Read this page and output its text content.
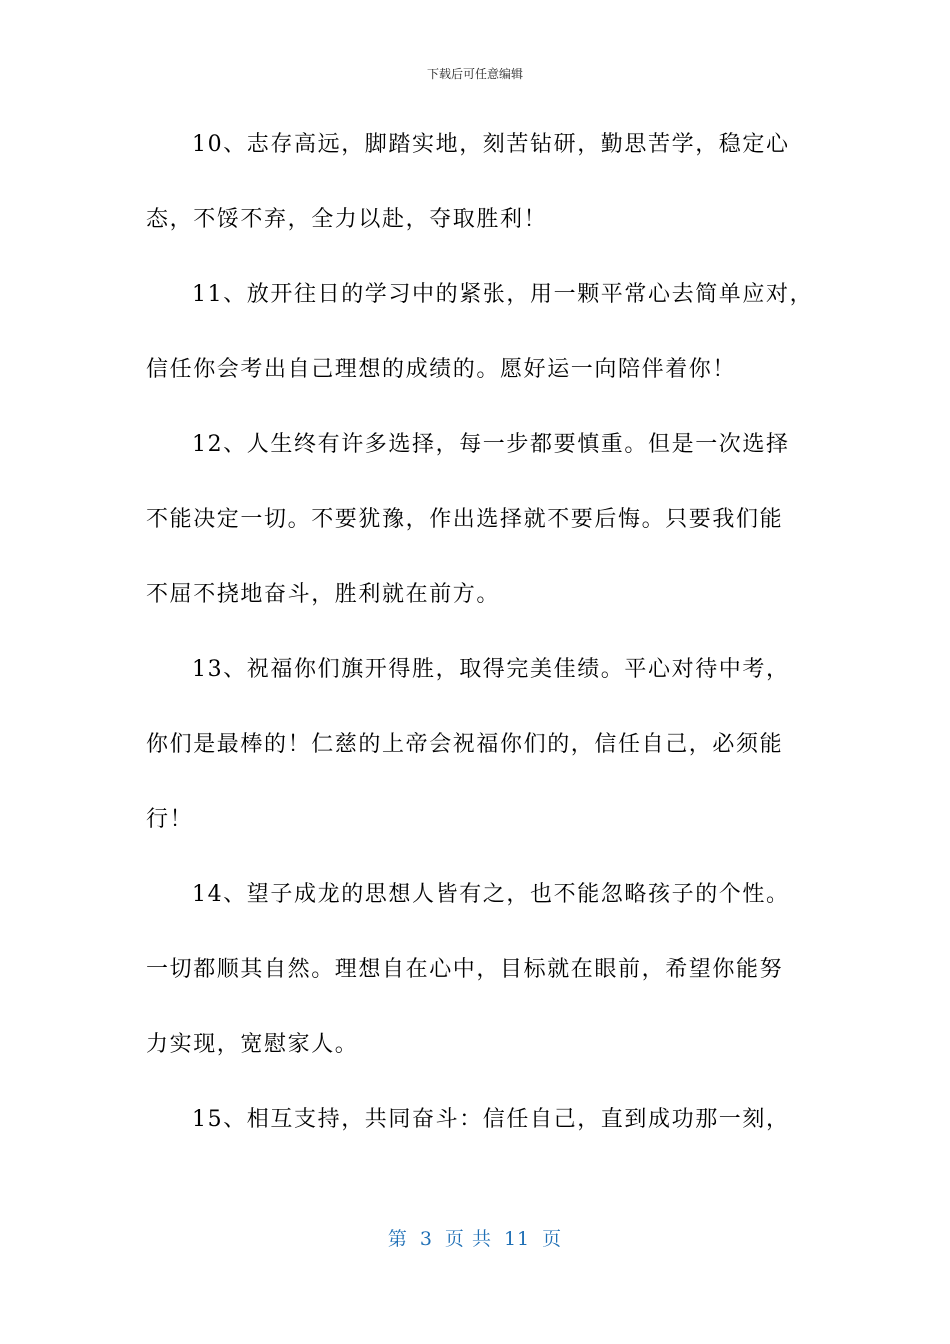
下载后可任意编辑
10、志存高远，脚踏实地，刻苦钻研，勤思苦学，稳定心
态，不馁不弃，全力以赴，夺取胜利！
11、放开往日的学习中的紧张，用一颗平常心去简单应对，
信任你会考出自己理想的成绩的。愿好运一向陪伴着你！
12、人生终有许多选择，每一步都要慎重。但是一次选择
不能决定一切。不要犹豫，作出选择就不要后悔。只要我们能
不屈不挠地奋斗，胜利就在前方。
13、祝福你们旗开得胜，取得完美佳绩。平心对待中考，
你们是最棒的！仁慈的上帝会祝福你们的，信任自己，必须能
行！
14、望子成龙的思想人皆有之，也不能忽略孩子的个性。
一切都顺其自然。理想自在心中，目标就在眼前，希望你能努
力实现，宽慰家人。
15、相互支持，共同奋斗：信任自己，直到成功那一刻，
第 3 页 共 11 页
